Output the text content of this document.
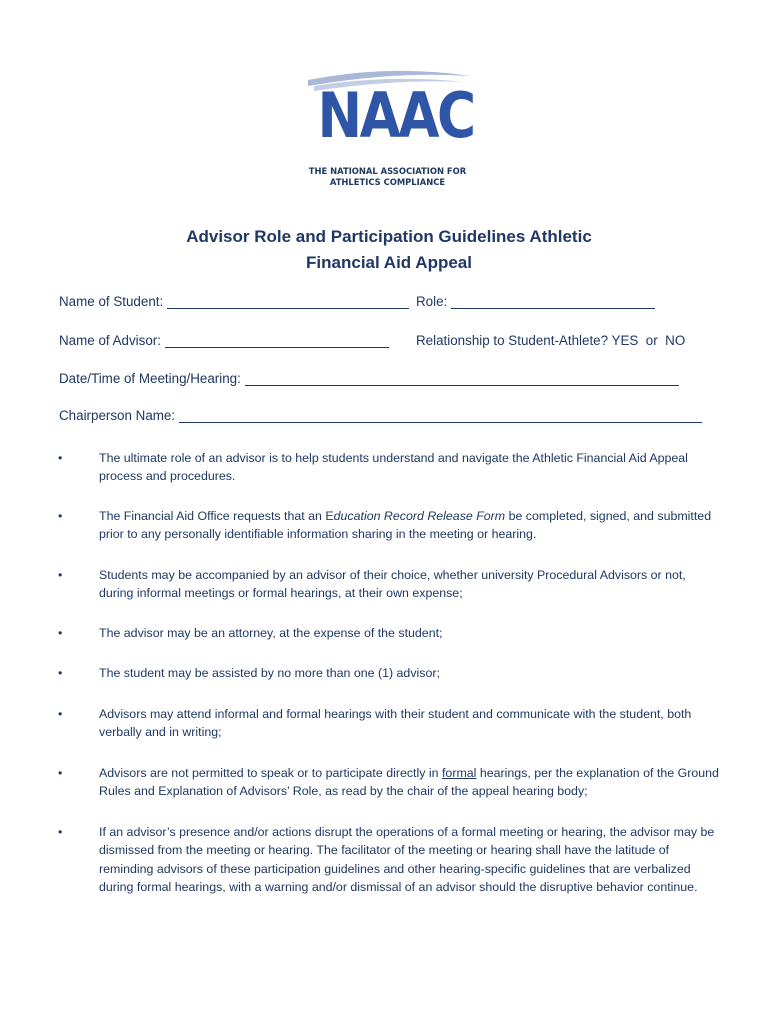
NAAC
THE NATIONAL ASSOCIATION FOR
ATHLETICS COMPLIANCE
Advisor Role and Participation Guidelines Athletic
Financial Aid Appeal
Name of Student:	Role:
Name of Advisor:	Relationship to Student-Athlete? YES or NO
Date/Time of Meeting/Hearing:
Chairperson Name:
•	The ultimate role of an advisor is to help students understand and navigate the Athletic Financial Aid Appeal process and procedures.
•	The Financial Aid Office requests that an Education Record Release Form be completed, signed, and submitted prior to any personally identifiable information sharing in the meeting or hearing.
•	Students may be accompanied by an advisor of their choice, whether university Procedural Advisors or not, during informal meetings or formal hearings, at their own expense;
•	The advisor may be an attorney, at the expense of the student;
•	The student may be assisted by no more than one (1) advisor;
•	Advisors may attend informal and formal hearings with their student and communicate with the student, both verbally and in writing;
•	Advisors are not permitted to speak or to participate directly in formal hearings, per the explanation of the Ground Rules and Explanation of Advisors’ Role, as read by the chair of the appeal hearing body;
•	If an advisor’s presence and/or actions disrupt the operations of a formal meeting or hearing, the advisor may be dismissed from the meeting or hearing. The facilitator of the meeting or hearing shall have the latitude of reminding advisors of these participation guidelines and other hearing-specific guidelines that are verbalized during formal hearings, with a warning and/or dismissal of an advisor should the disruptive behavior continue.
